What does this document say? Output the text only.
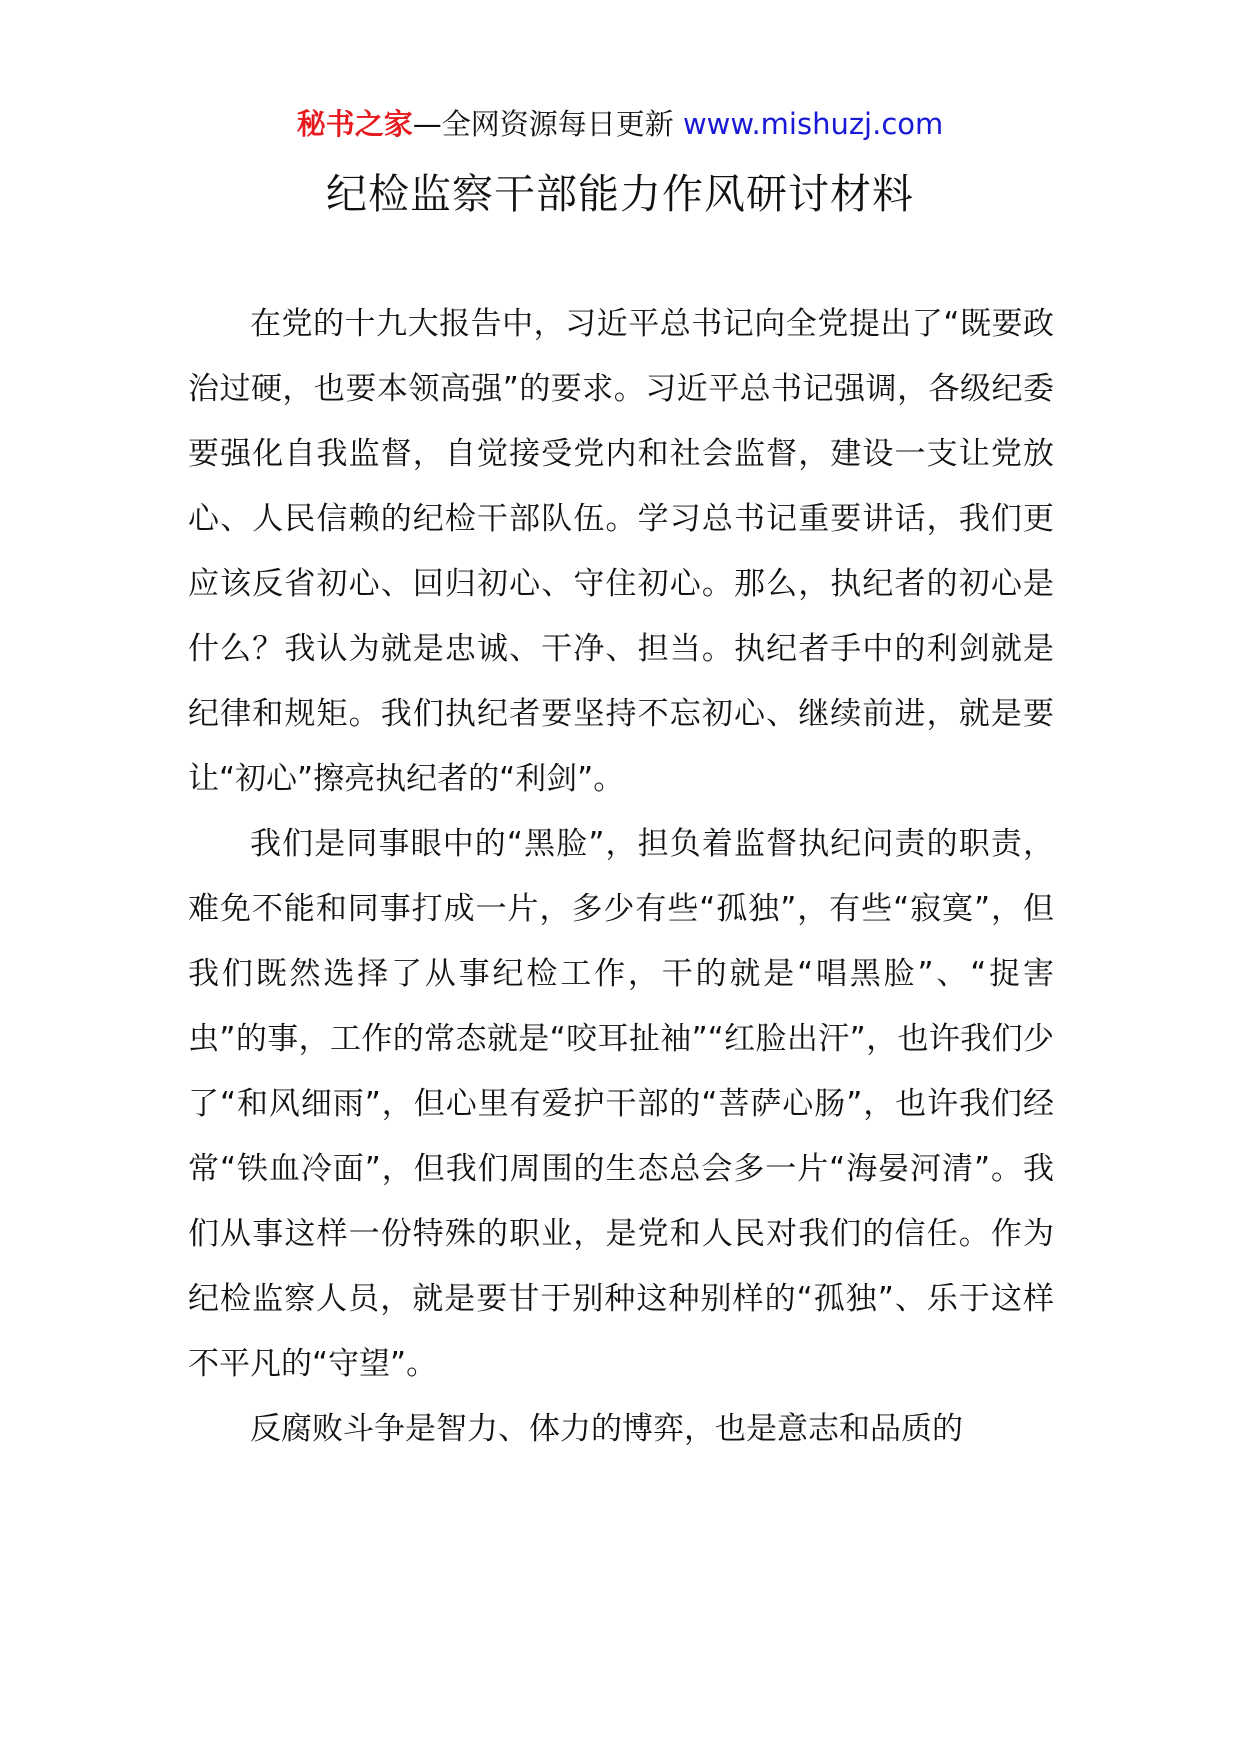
秘书之家—全网资源每日更新 www.mishuzj.com
纪检监察干部能力作风研讨材料

在党的十九大报告中，习近平总书记向全党提出了“既要政治过硬，也要本领高强”的要求。习近平总书记强调，各级纪委要强化自我监督，自觉接受党内和社会监督，建设一支让党放心、人民信赖的纪检干部队伍。学习总书记重要讲话，我们更应该反省初心、回归初心、守住初心。那么，执纪者的初心是什么？我认为就是忠诚、干净、担当。执纪者手中的利剑就是纪律和规矩。我们执纪者要坚持不忘初心、继续前进，就是要让“初心”擦亮执纪者的“利剑”。

我们是同事眼中的“黑脸”，担负着监督执纪问责的职责，难免不能和同事打成一片，多少有些“孤独”，有些“寂寞”，但我们既然选择了从事纪检工作，干的就是“唱黑脸”、“捉害虫”的事，工作的常态就是“咬耳扯袖”“红脸出汗”，也许我们少了“和风细雨”，但心里有爱护干部的“菩萨心肠”，也许我们经常“铁血冷面”，但我们周围的生态总会多一片“海晏河清”。我们从事这样一份特殊的职业，是党和人民对我们的信任。作为纪检监察人员，就是要甘于别种这种别样的“孤独”、乐于这样不平凡的“守望”。

反腐败斗争是智力、体力的博弈，也是意志和品质的
